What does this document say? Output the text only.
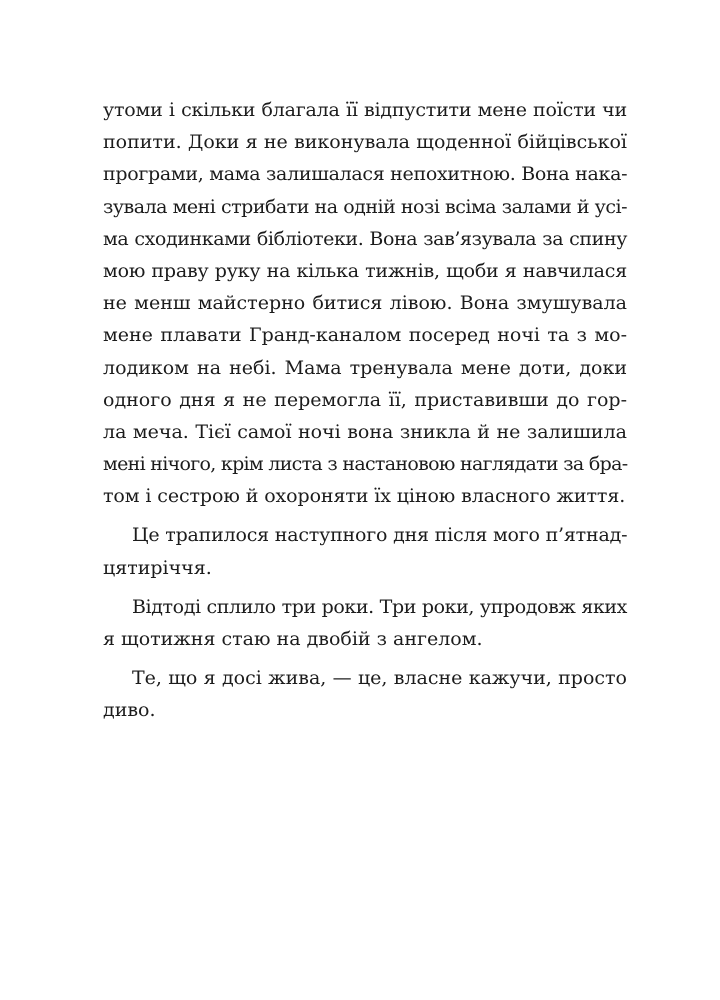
утоми і скільки благала її відпустити мене поїсти чи
попити. Доки я не виконувала щоденної бійцівської
програми, мама залишалася непохитною. Вона нака-
зувала мені стрибати на одній нозі всіма залами й усі-
ма сходинками бібліотеки. Вона зав’язувала за спину
мою праву руку на кілька тижнів, щоби я навчилася
не менш майстерно битися лівою. Вона змушувала
мене плавати Гранд-каналом посеред ночі та з мо-
лодиком на небі. Мама тренувала мене доти, доки
одного дня я не перемогла її, приставивши до гор-
ла меча. Тієї самої ночі вона зникла й не залишила
мені нічого, крім листа з настановою наглядати за бра-
том і сестрою й охороняти їх ціною власного життя.
Це трапилося наступного дня після мого п’ятнад-
цятиріччя.
Відтоді сплило три роки. Три роки, упродовж яких
я щотижня стаю на двобій з ангелом.
Те, що я досі жива, — це, власне кажучи, просто
диво.
